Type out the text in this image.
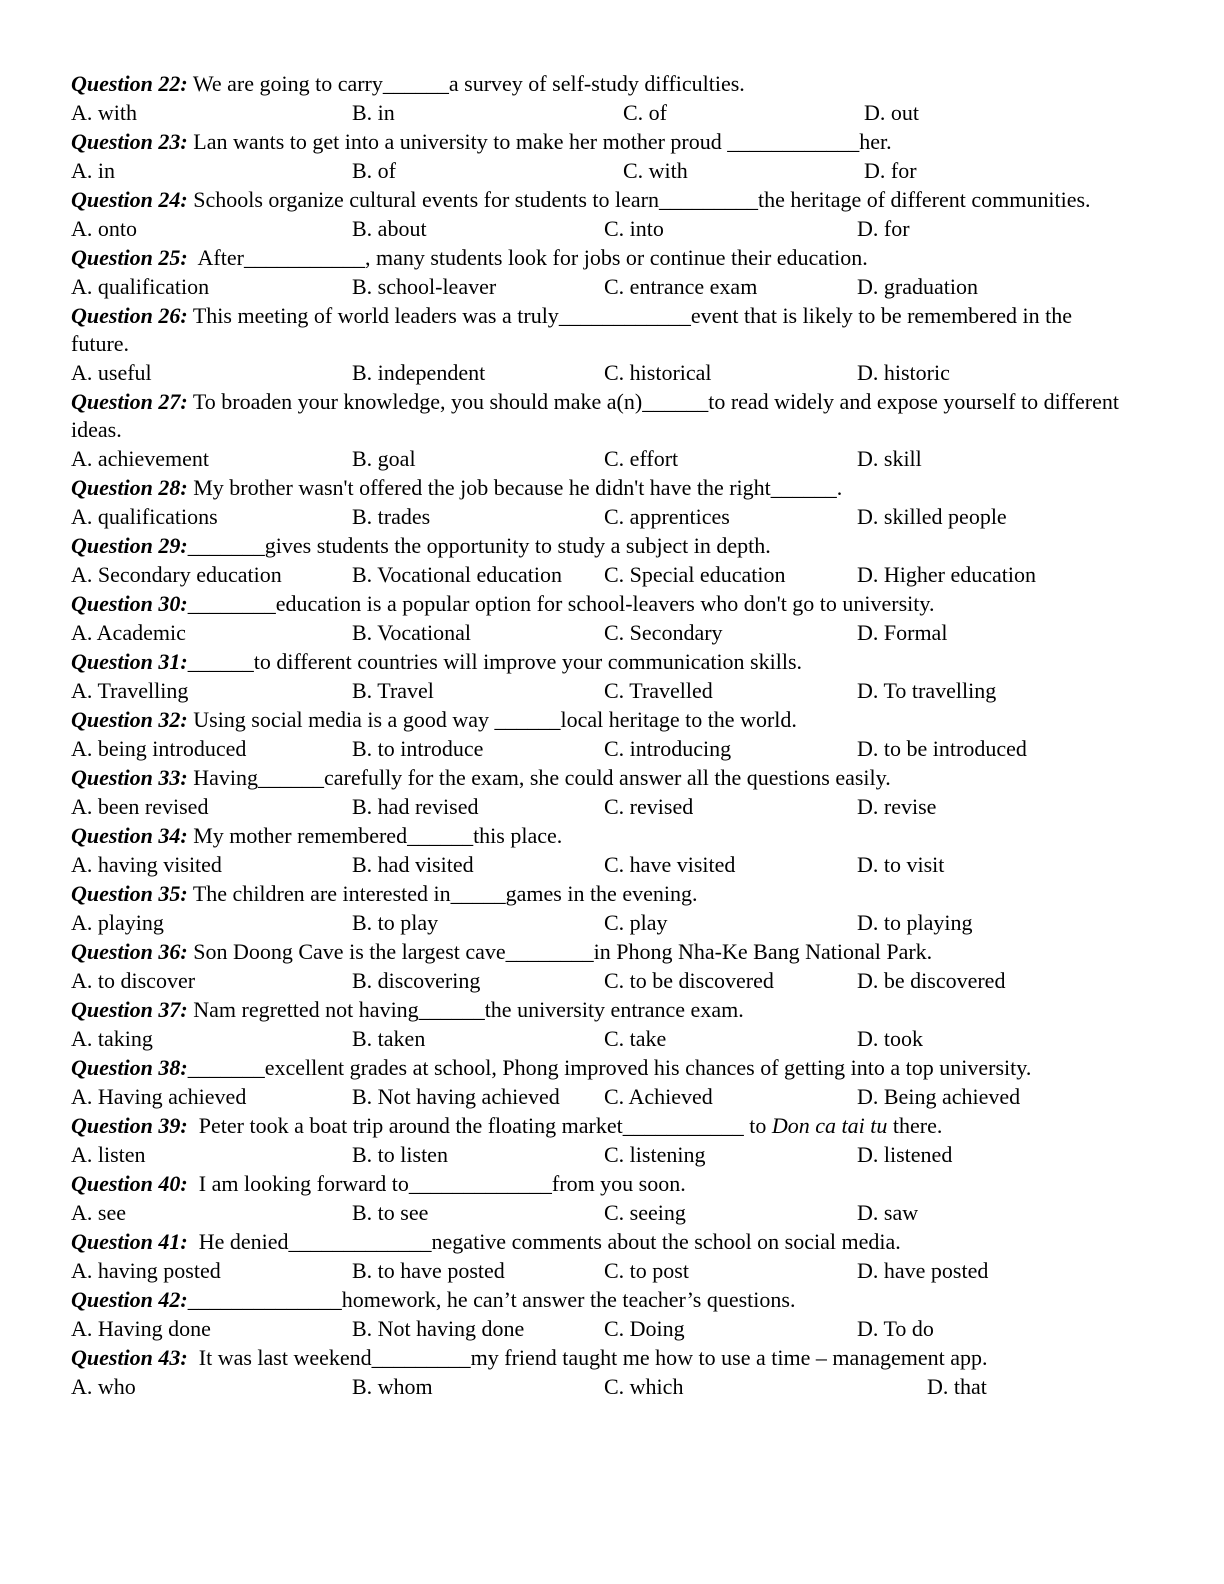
Question 22: We are going to carry______a survey of self-study difficulties.
A. with	B. in	C. of	D. out
Question 23: Lan wants to get into a university to make her mother proud ____________her.
A. in	B. of	C. with	D. for
Question 24: Schools organize cultural events for students to learn_________the heritage of different communities.
A. onto	B. about	C. into	D. for
Question 25:  After___________, many students look for jobs or continue their education.
A. qualification	B. school-leaver	C. entrance exam	D. graduation
Question 26: This meeting of world leaders was a truly____________event that is likely to be remembered in the future.
A. useful	B. independent	C. historical	D. historic
Question 27: To broaden your knowledge, you should make a(n)______to read widely and expose yourself to different ideas.
A. achievement	B. goal	C. effort	D. skill
Question 28: My brother wasn't offered the job because he didn't have the right______.
A. qualifications	B. trades	C. apprentices	D. skilled people
Question 29:_______gives students the opportunity to study a subject in depth.
A. Secondary education	B. Vocational education C. Special education	D. Higher education
Question 30:________education is a popular option for school-leavers who don't go to university.
A. Academic	B. Vocational	C. Secondary	D. Formal
Question 31:______to different countries will improve your communication skills.
A. Travelling	B. Travel	C. Travelled	D. To travelling
Question 32: Using social media is a good way ______local heritage to the world.
A. being introduced	B. to introduce	C. introducing	D. to be introduced
Question 33: Having______carefully for the exam, she could answer all the questions easily.
A. been revised	B. had revised	C. revised	D. revise
Question 34: My mother remembered______this place.
A. having visited	B. had visited	C. have visited	D. to visit
Question 35: The children are interested in_____games in the evening.
A. playing	B. to play	C. play	D. to playing
Question 36: Son Doong Cave is the largest cave________in Phong Nha-Ke Bang National Park.
A. to discover	B. discovering	C. to be discovered	D. be discovered
Question 37: Nam regretted not having______the university entrance exam.
A. taking	B. taken	C. take	D. took
Question 38:_______excellent grades at school, Phong improved his chances of getting into a top university.
A. Having achieved	B. Not having achieved C. Achieved	D. Being achieved
Question 39:  Peter took a boat trip around the floating market___________ to Don ca tai tu there.
A. listen	B. to listen	C. listening	D. listened
Question 40:  I am looking forward to_____________from you soon.
A. see	B. to see	C. seeing	D. saw
Question 41:  He denied_____________negative comments about the school on social media.
A. having posted	B. to have posted	C. to post	D. have posted
Question 42:______________homework, he can’t answer the teacher’s questions.
A. Having done	B. Not having done	C. Doing	D. To do
Question 43:  It was last weekend_________my friend taught me how to use a time – management app.
A. who	B. whom	C. which	D. that
